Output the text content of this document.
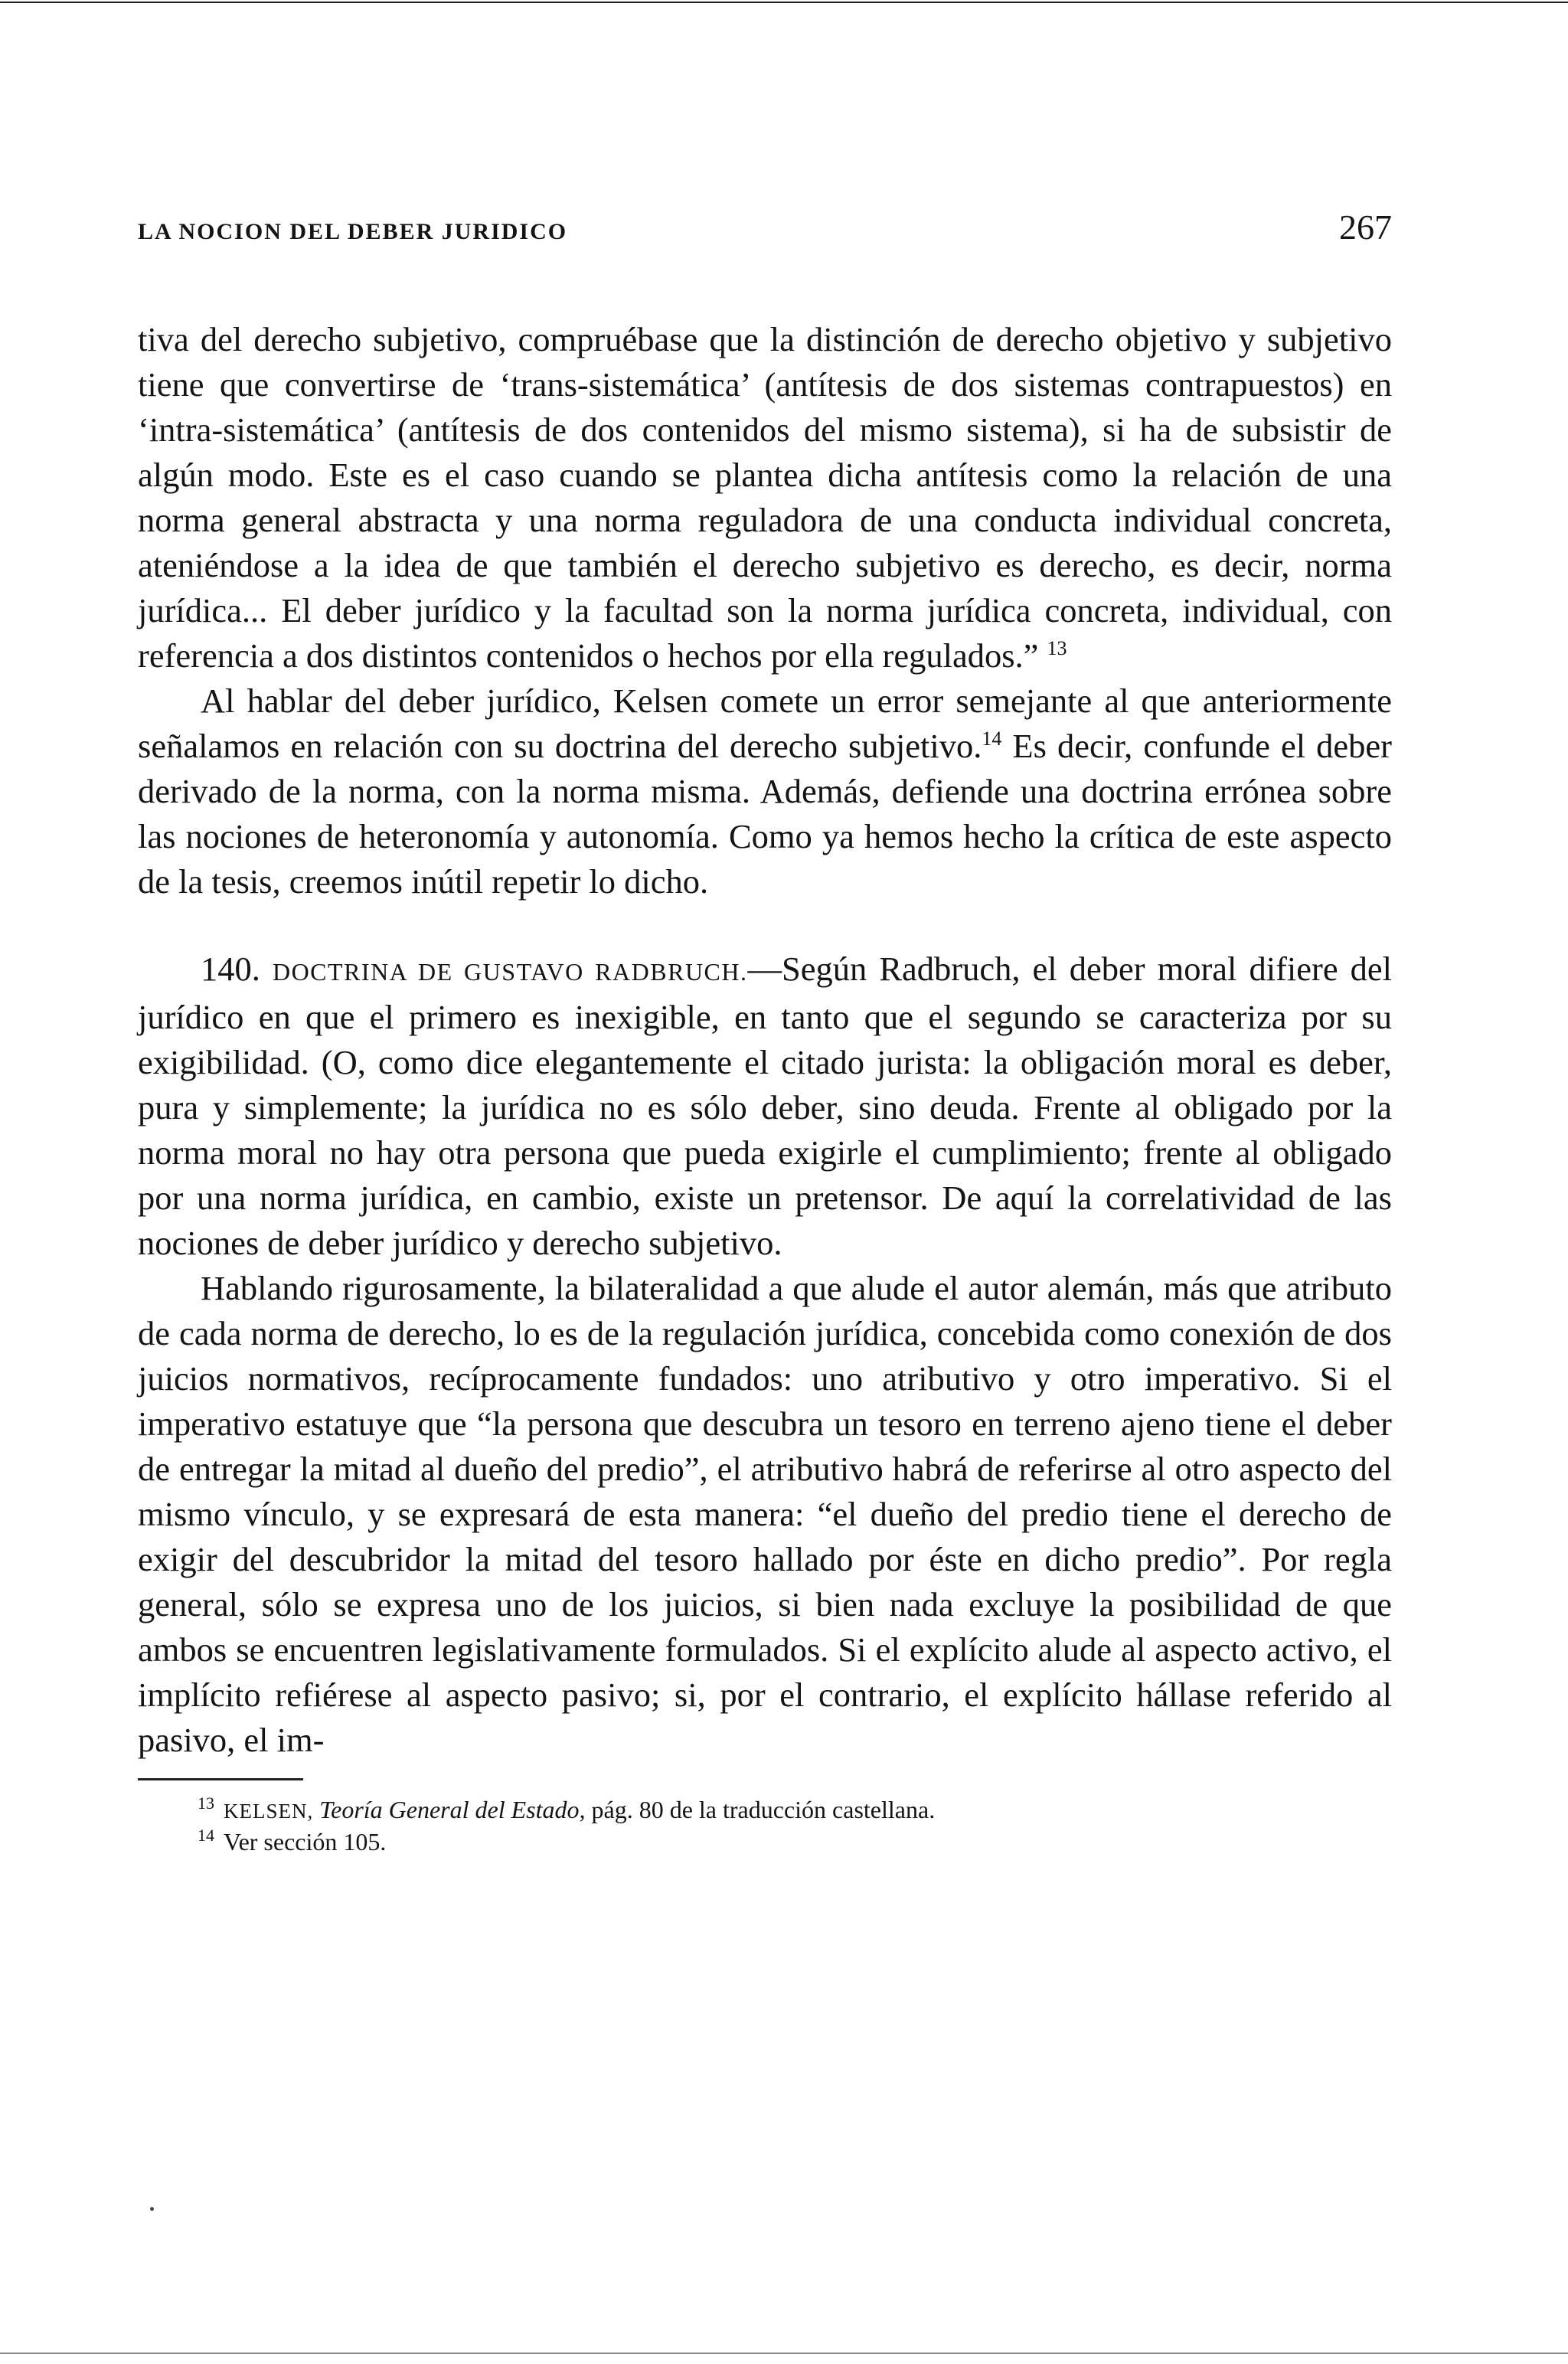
LA NOCION DEL DEBER JURIDICO	267

tiva del derecho subjetivo, compruébase que la distinción de derecho objetivo y subjetivo tiene que convertirse de ‘trans-sistemática’ (antítesis de dos sistemas contrapuestos) en ‘intra-sistemática’ (antítesis de dos contenidos del mismo sistema), si ha de subsistir de algún modo. Este es el caso cuando se plantea dicha antítesis como la relación de una norma general abstracta y una norma reguladora de una conducta individual concreta, ateniéndose a la idea de que también el derecho subjetivo es derecho, es decir, norma jurídica... El deber jurídico y la facultad son la norma jurídica concreta, individual, con referencia a dos distintos contenidos o hechos por ella regulados.” $^{13}$

Al hablar del deber jurídico, Kelsen comete un error semejante al que anteriormente señalamos en relación con su doctrina del derecho subjetivo.$^{14}$ Es decir, confunde el deber derivado de la norma, con la norma misma. Además, defiende una doctrina errónea sobre las nociones de heteronomía y autonomía. Como ya hemos hecho la crítica de este aspecto de la tesis, creemos inútil repetir lo dicho.

140. DOCTRINA DE GUSTAVO RADBRUCH.—Según Radbruch, el deber moral difiere del jurídico en que el primero es inexigible, en tanto que el segundo se caracteriza por su exigibilidad. (O, como dice elegantemente el citado jurista: la obligación moral es deber, pura y simplemente; la jurídica no es sólo deber, sino deuda. Frente al obligado por la norma moral no hay otra persona que pueda exigirle el cumplimiento; frente al obligado por una norma jurídica, en cambio, existe un pretensor. De aquí la correlatividad de las nociones de deber jurídico y derecho subjetivo.

Hablando rigurosamente, la bilateralidad a que alude el autor alemán, más que atributo de cada norma de derecho, lo es de la regulación jurídica, concebida como conexión de dos juicios normativos, recíprocamente fundados: uno atributivo y otro imperativo. Si el imperativo estatuye que “la persona que descubra un tesoro en terreno ajeno tiene el deber de entregar la mitad al dueño del predio”, el atributivo habrá de referirse al otro aspecto del mismo vínculo, y se expresará de esta manera: “el dueño del predio tiene el derecho de exigir del descubridor la mitad del tesoro hallado por éste en dicho predio”. Por regla general, sólo se expresa uno de los juicios, si bien nada excluye la posibilidad de que ambos se encuentren legislativamente formulados. Si el explícito alude al aspecto activo, el implícito refiérese al aspecto pasivo; si, por el contrario, el explícito hállase referido al pasivo, el im-

$^{13}$ KELSEN, Teoría General del Estado, pág. 80 de la traducción castellana.
$^{14}$ Ver sección 105.
